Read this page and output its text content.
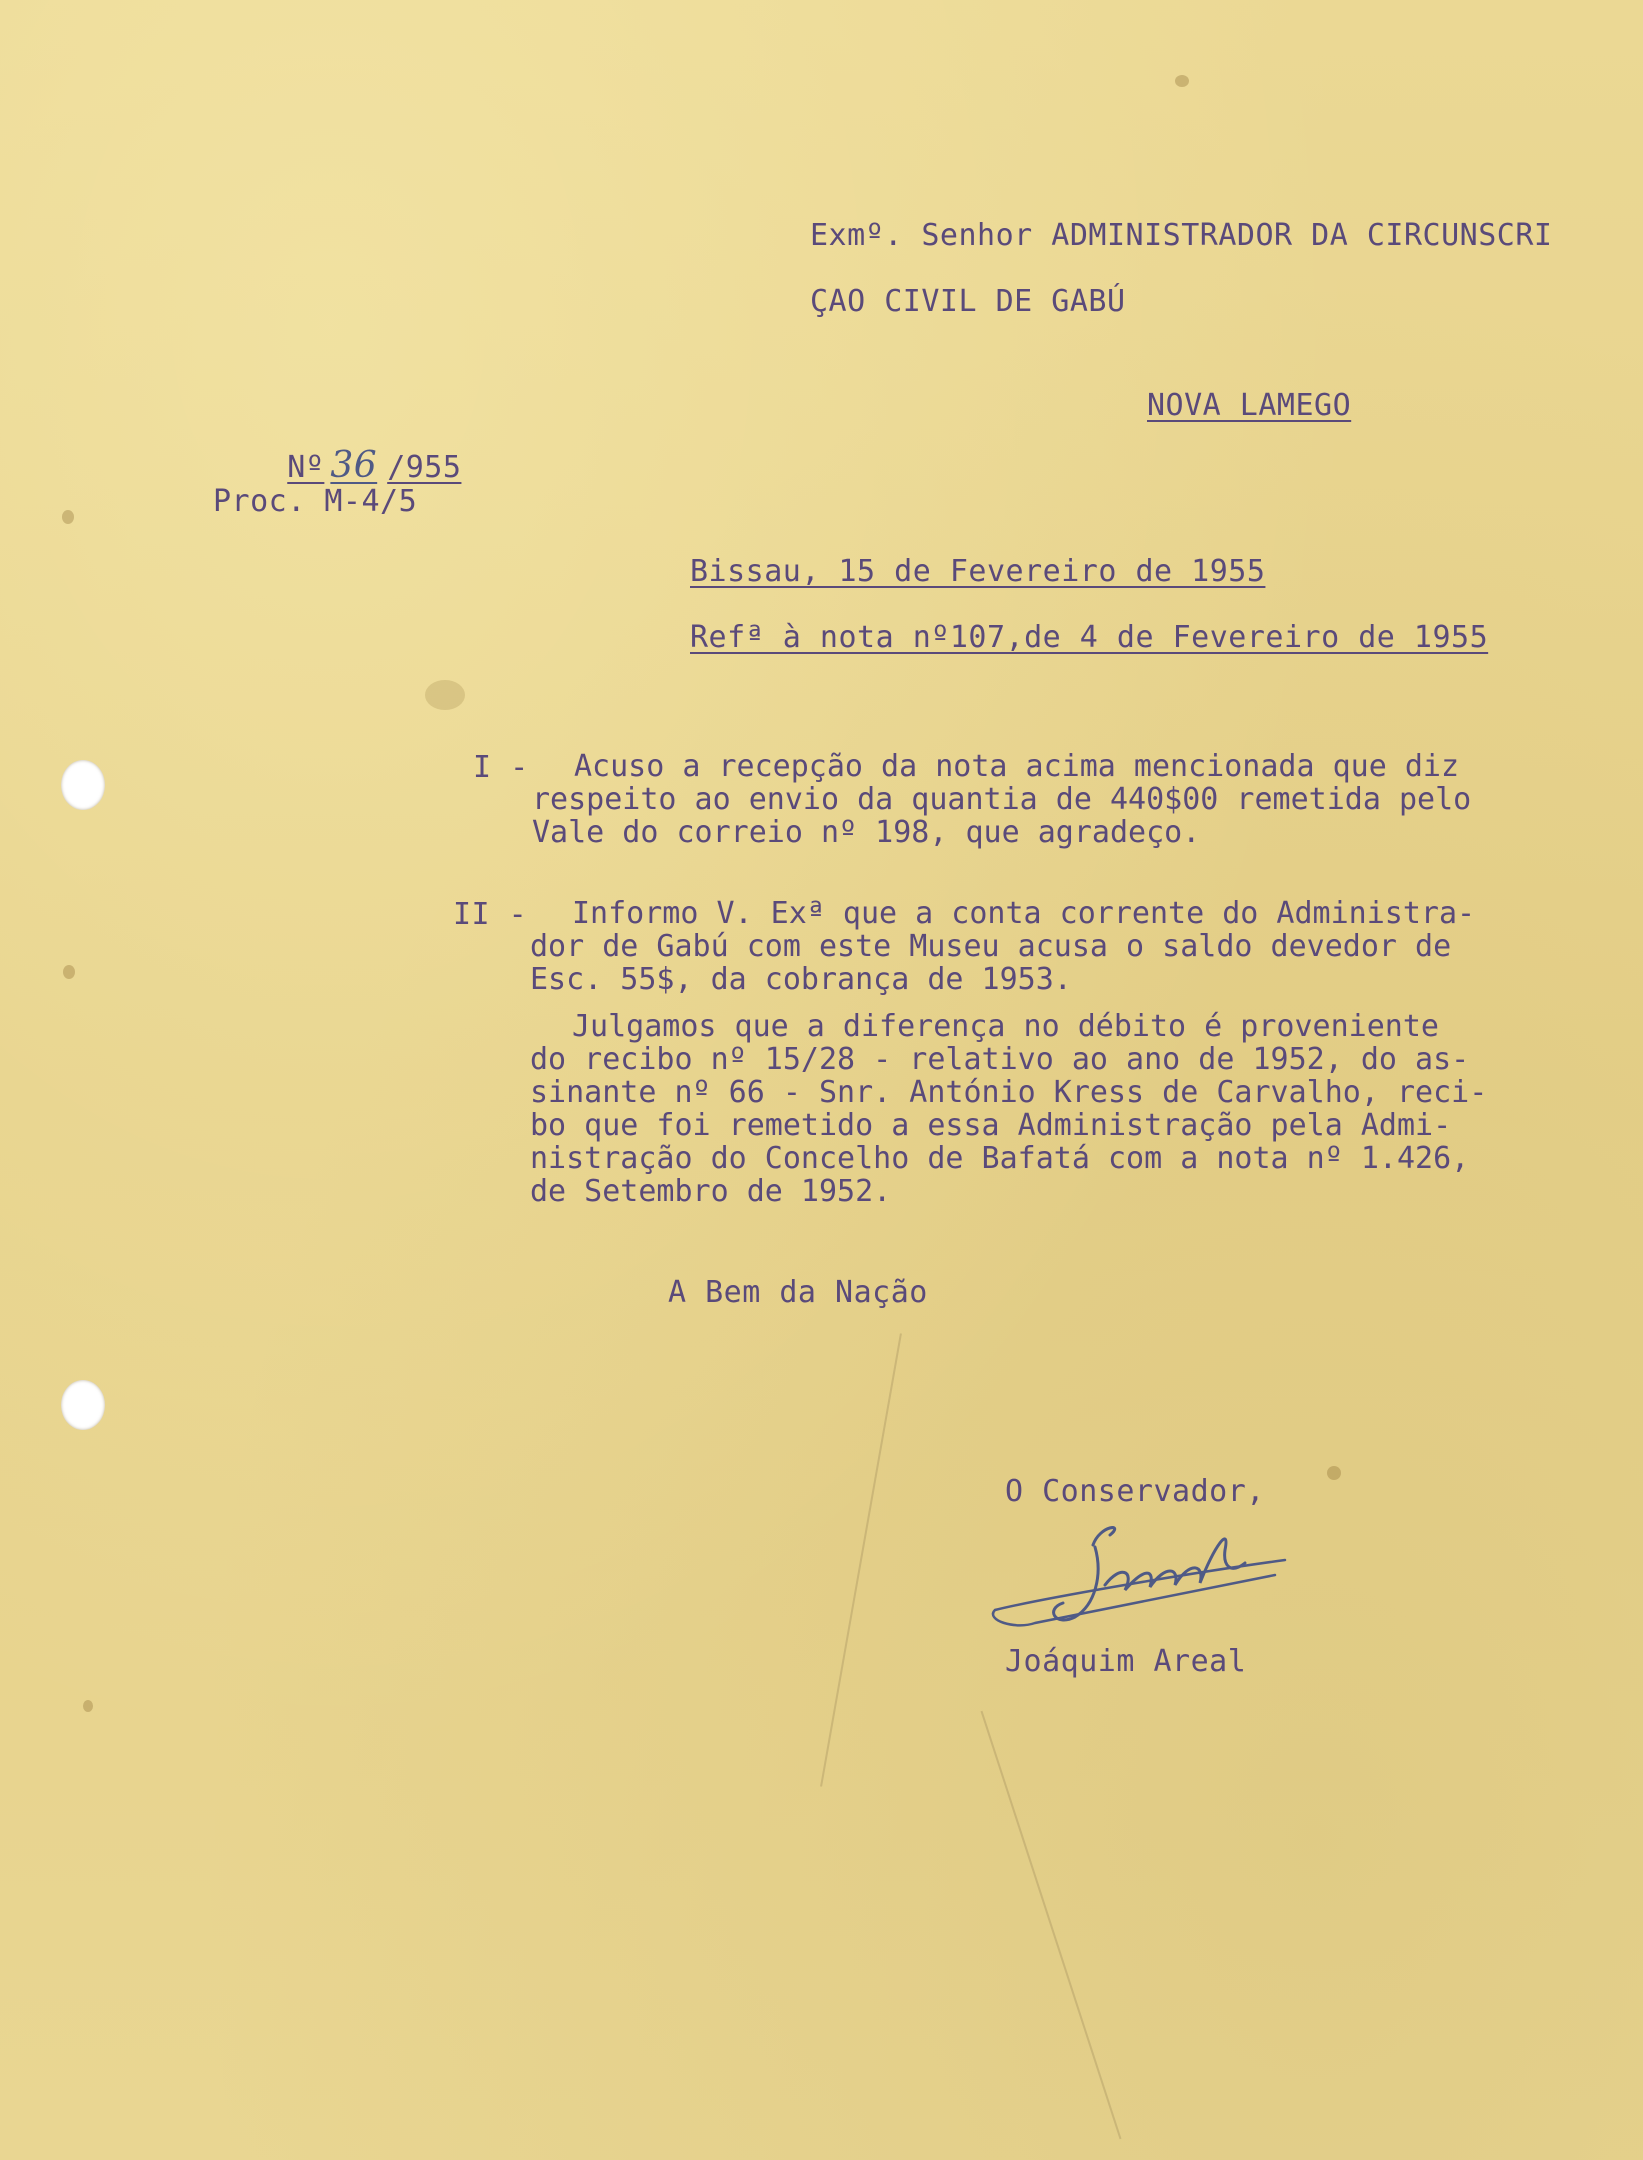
Exmº. Senhor ADMINISTRADOR DA CIRCUNSCRI
ÇAO CIVIL DE GABÚ
NOVA LAMEGO

Nº 36 /955

Proc. M-4/5
Bissau, 15 de Fevereiro de 1955
Refª à nota nº107,de 4 de Fevereiro de 1955
I - Acuso a recepção da nota acima mencionada que diz
respeito ao envio da quantia de 440$00 remetida pelo
Vale do correio nº 198, que agradeço.
II - Informo V. Exª que a conta corrente do Administra-
dor de Gabú com este Museu acusa o saldo devedor de
Esc. 55$, da cobrança de 1953.
Julgamos que a diferença no débito é proveniente
do recibo nº 15/28 - relativo ao ano de 1952, do as-
sinante nº 66 - Snr. António Kress de Carvalho, reci-
bo que foi remetido a essa Administração pela Admi-
nistração do Concelho de Bafatá com a nota nº 1.426,
de Setembro de 1952.
A Bem da Nação
O Conservador,
Joáquim Areal
